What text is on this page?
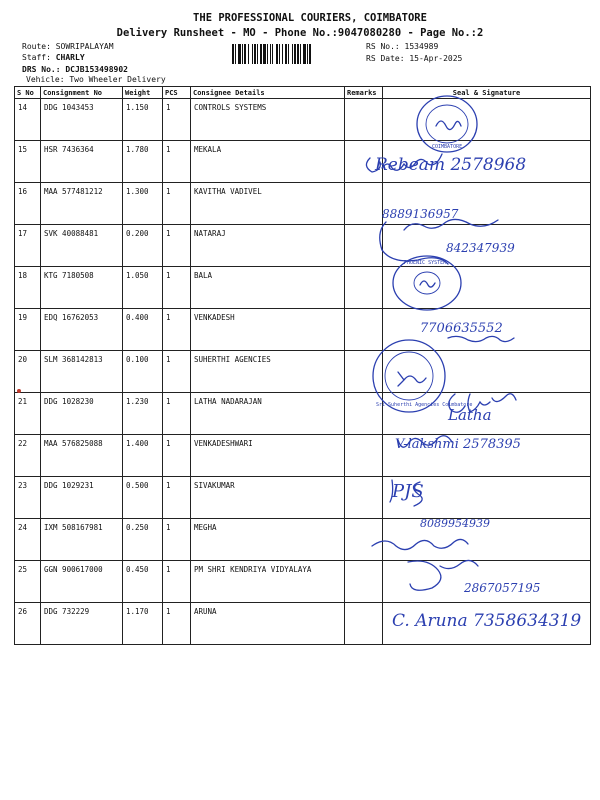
THE PROFESSIONAL COURIERS, COIMBATORE
Delivery Runsheet - MO - Phone No.:9047080280 - Page No.:2
Route: SOWRIPALAYAM
Staff: CHARLY
DRS No.: DCJB153498902
Vehicle: Two Wheeler Delivery
RS No.: 1534989
RS Date: 15-Apr-2025
S No	Consignment No	Weight	PCS	Consignee Details	Remarks	Seal & Signature
14	DDG 1043453	1.150	1	CONTROLS SYSTEMS		
15	HSR 7436364	1.780	1	MEKALA		
16	MAA 577481212	1.300	1	KAVITHA VADIVEL		
17	SVK 40088481	0.200	1	NATARAJ		
18	KTG 7180508	1.050	1	BALA		
19	EDQ 16762053	0.400	1	VENKADESH		
20	SLM 368142813	0.100	1	SUHERTHI AGENCIES		
21	DDG 1028230	1.230	1	LATHA NADARAJAN		
22	MAA 576825088	1.400	1	VENKADESHWARI		
23	DDG 1029231	0.500	1	SIVAKUMAR		
24	IXM 508167981	0.250	1	MEGHA		
25	GGN 900617000	0.450	1	PM SHRI KENDRIYA VIDYALAYA		
26	DDG 732229	1.170	1	ARUNA		
COIMBATORE
Rebeam 2578968
8889136957
842347939
PHOENIC SYSTEM
7706635552
Sri Suherthi Agencies Coimbatore
Latha
V-lakshmi 2578395
PJS
8089954939
2867057195
C. Aruna 7358634319
